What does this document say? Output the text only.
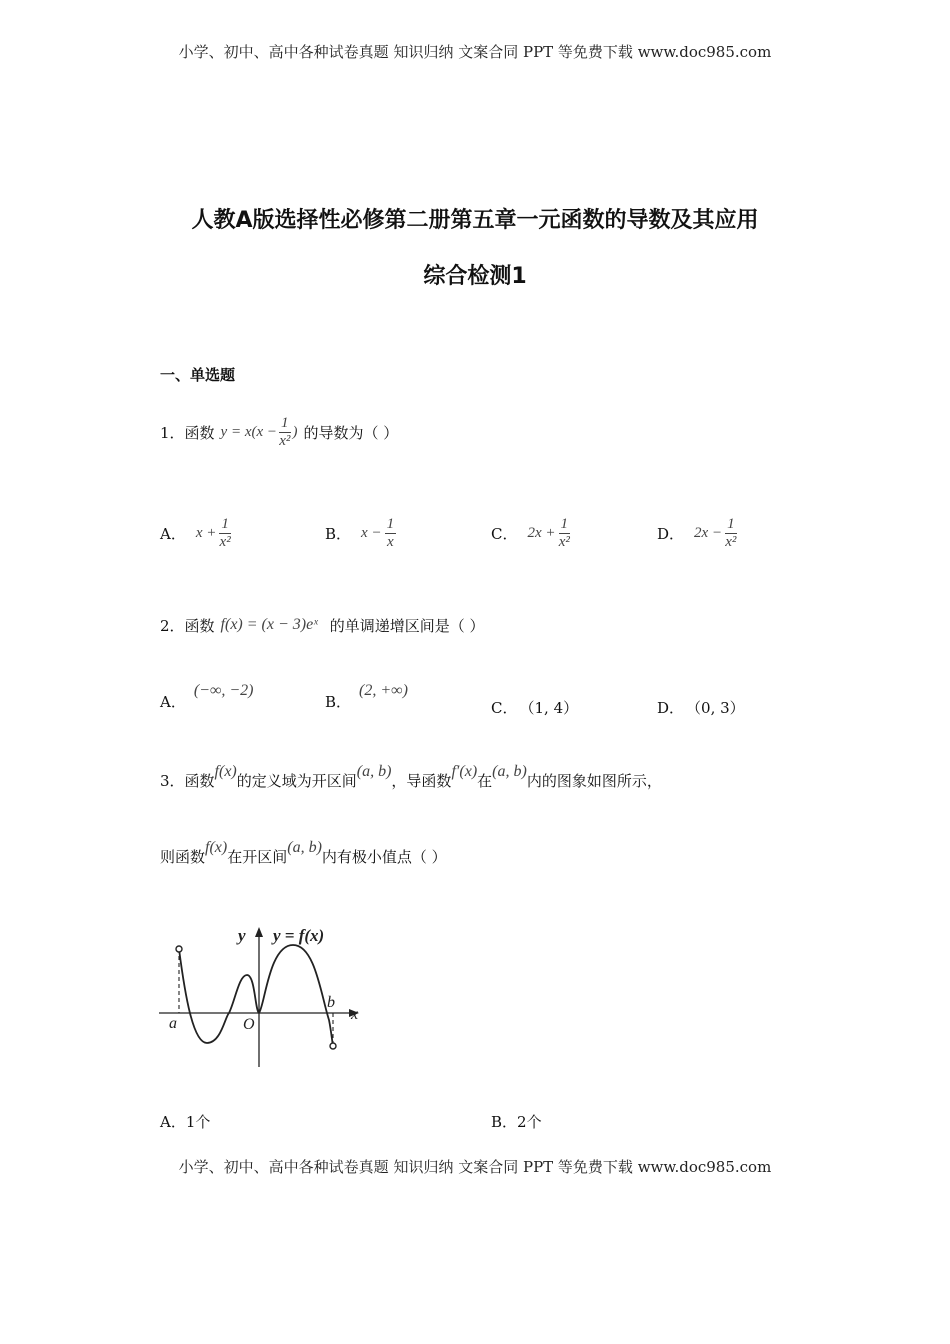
小学、初中、高中各种试卷真题 知识归纳 文案合同 PPT 等免费下载 www.doc985.com
人教A版选择性必修第二册第五章一元函数的导数及其应用
综合检测1
一、单选题
1．函数 $y = x(x - \frac{1}{\text{x²}}$ ) 的导数为（ ）
A． $x + \frac{1}{\text{x²}}$	B． $x - \frac{1}{x}$	C． $2x + \frac{1}{\text{x²}}$	D． $2x - \frac{1}{\text{x²}}$
2．函数 f(x) = (x − 3)eˣ 的单调递增区间是（ ）
A．
(−∞, −2)
B．
(2, +∞)
C． （1, 4）	D． （0, 3）
3．函数 f(x) 的定义域为开区间 (a, b) ，导函数 f′(x) 在 (a, b) 内的图象如图所示，
则函数 f(x) 在开区间 (a, b) 内有极小值点（ ）
y y = f(x)
a	O
b
x
A．1个	B．2个
小学、初中、高中各种试卷真题 知识归纳 文案合同 PPT 等免费下载 www.doc985.com
